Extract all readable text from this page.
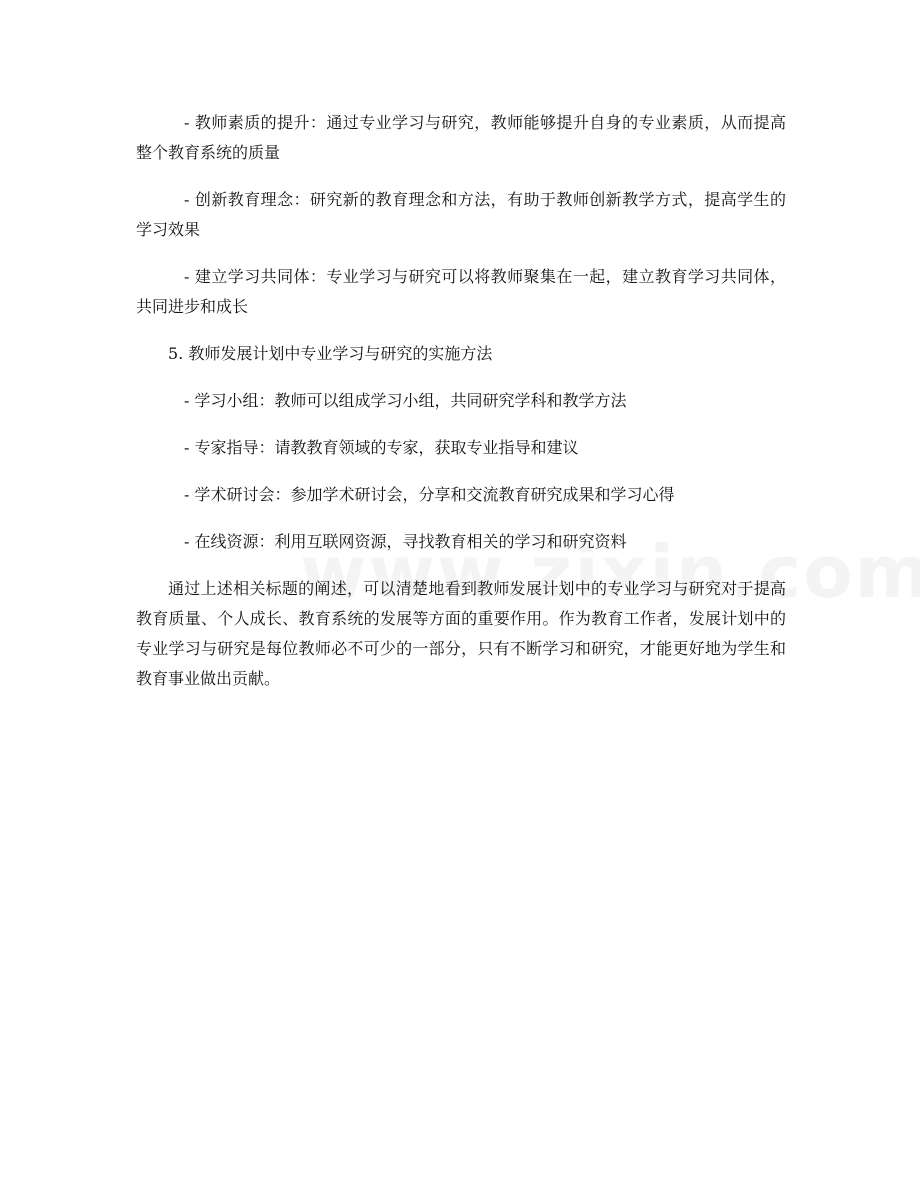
- 教师素质的提升：通过专业学习与研究，教师能够提升自身的专业素质，从而提高整个教育系统的质量

- 创新教育理念：研究新的教育理念和方法，有助于教师创新教学方式，提高学生的学习效果

- 建立学习共同体：专业学习与研究可以将教师聚集在一起，建立教育学习共同体，共同进步和成长

5. 教师发展计划中专业学习与研究的实施方法

- 学习小组：教师可以组成学习小组，共同研究学科和教学方法

- 专家指导：请教教育领域的专家，获取专业指导和建议

- 学术研讨会：参加学术研讨会，分享和交流教育研究成果和学习心得

- 在线资源：利用互联网资源，寻找教育相关的学习和研究资料

通过上述相关标题的阐述，可以清楚地看到教师发展计划中的专业学习与研究对于提高教育质量、个人成长、教育系统的发展等方面的重要作用。作为教育工作者，发展计划中的专业学习与研究是每位教师必不可少的一部分，只有不断学习和研究，才能更好地为学生和教育事业做出贡献。
